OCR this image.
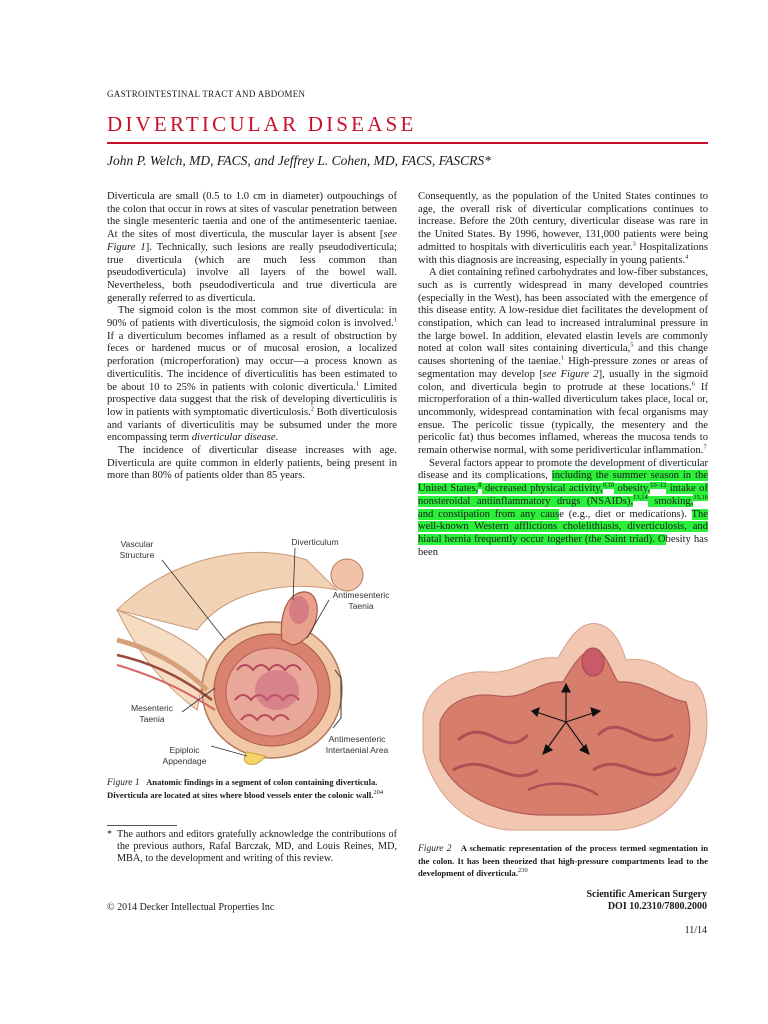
GASTROINTESTINAL TRACT AND ABDOMEN
DIVERTICULAR DISEASE
John P. Welch, MD, FACS, and Jeffrey L. Cohen, MD, FACS, FASCRS*

Diverticula are small (0.5 to 1.0 cm in diameter) outpouchings of the colon that occur in rows at sites of vascular penetration between the single mesenteric taenia and one of the antimesenteric taeniae. At the sites of most diverticula, the muscular layer is absent [see Figure 1]. Technically, such lesions are really pseudodiverticula; true diverticula (which are much less common than pseudodiverticula) involve all layers of the bowel wall. Nevertheless, both pseudodiverticula and true diverticula are generally referred to as diverticula.

The sigmoid colon is the most common site of diverticula: in 90% of patients with diverticulosis, the sigmoid colon is involved.$^1$ If a diverticulum becomes inflamed as a result of obstruction by feces or hardened mucus or of mucosal erosion, a localized perforation (microperforation) may occur—a process known as diverticulitis. The incidence of diverticulitis has been estimated to be about 10 to 25% in patients with colonic diverticula.$^1$ Limited prospective data suggest that the risk of developing diverticulitis is low in patients with symptomatic diverticulosis.$^2$ Both diverticulosis and variants of diverticulitis may be subsumed under the more encompassing term diverticular disease.

The incidence of diverticular disease increases with age. Diverticula are quite common in elderly patients, being present in more than 80% of patients older than 85 years.

Consequently, as the population of the United States continues to age, the overall risk of diverticular complications continues to increase. Before the 20th century, diverticular disease was rare in the United States. By 1996, however, 131,000 patients were being admitted to hospitals with diverticulitis each year.$^3$ Hospitalizations with this diagnosis are increasing, especially in young patients.$^4$

A diet containing refined carbohydrates and low-fiber substances, such as is currently widespread in many developed countries (especially in the West), has been associated with the emergence of this disease entity. A low-residue diet facilitates the development of constipation, which can lead to increased intraluminal pressure in the large bowel. In addition, elevated elastin levels are commonly noted at colon wall sites containing diverticula,$^5$ and this change causes shortening of the taeniae.$^1$ High-pressure zones or areas of segmentation may develop [see Figure 2], usually in the sigmoid colon, and diverticula begin to protrude at these locations.$^6$ If microperforation of a thin-walled diverticulum takes place, local or, uncommonly, widespread contamination with fecal organisms may ensue. The pericolic tissue (typically, the mesentery and the pericolic fat) thus becomes inflamed, whereas the mucosa tends to remain otherwise normal, with some peridiverticular inflammation.$^7$

Several factors appear to promote the development of diverticular disease and its complications, including the summer season in the United States,$^8$ decreased physical activity,$^{9,10}$ obesity,$^{10-12}$ intake of nonsteroidal antiinflammatory drugs (NSAIDs),$^{13,14}$ smoking,$^{15,16}$ and constipation from any cause (e.g., diet or medications). The well-known Western afflictions cholelithiasis, diverticulosis, and hiatal hernia frequently occur together (the Saint triad). Obesity has been

Vascular
Structure
Diverticulum
Antimesenteric
Taenia
Mesenteric
Taenia
Antimesenteric
Intertaenial Area
Epiploic
Appendage
Figure 1 Anatomic findings in a segment of colon containing diverticula. Diverticula are located at sites where blood vessels enter the colonic wall.$^{204}$
Figure 2 A schematic representation of the process termed segmentation in the colon. It has been theorized that high-pressure compartments lead to the development of diverticula.$^{230}$
* The authors and editors gratefully acknowledge the contributions of the previous authors, Rafal Barczak, MD, and Louis Reines, MD, MBA, to the development and writing of this review.
Scientific American Surgery
DOI 10.2310/7800.2000
© 2014 Decker Intellectual Properties Inc
11/14
